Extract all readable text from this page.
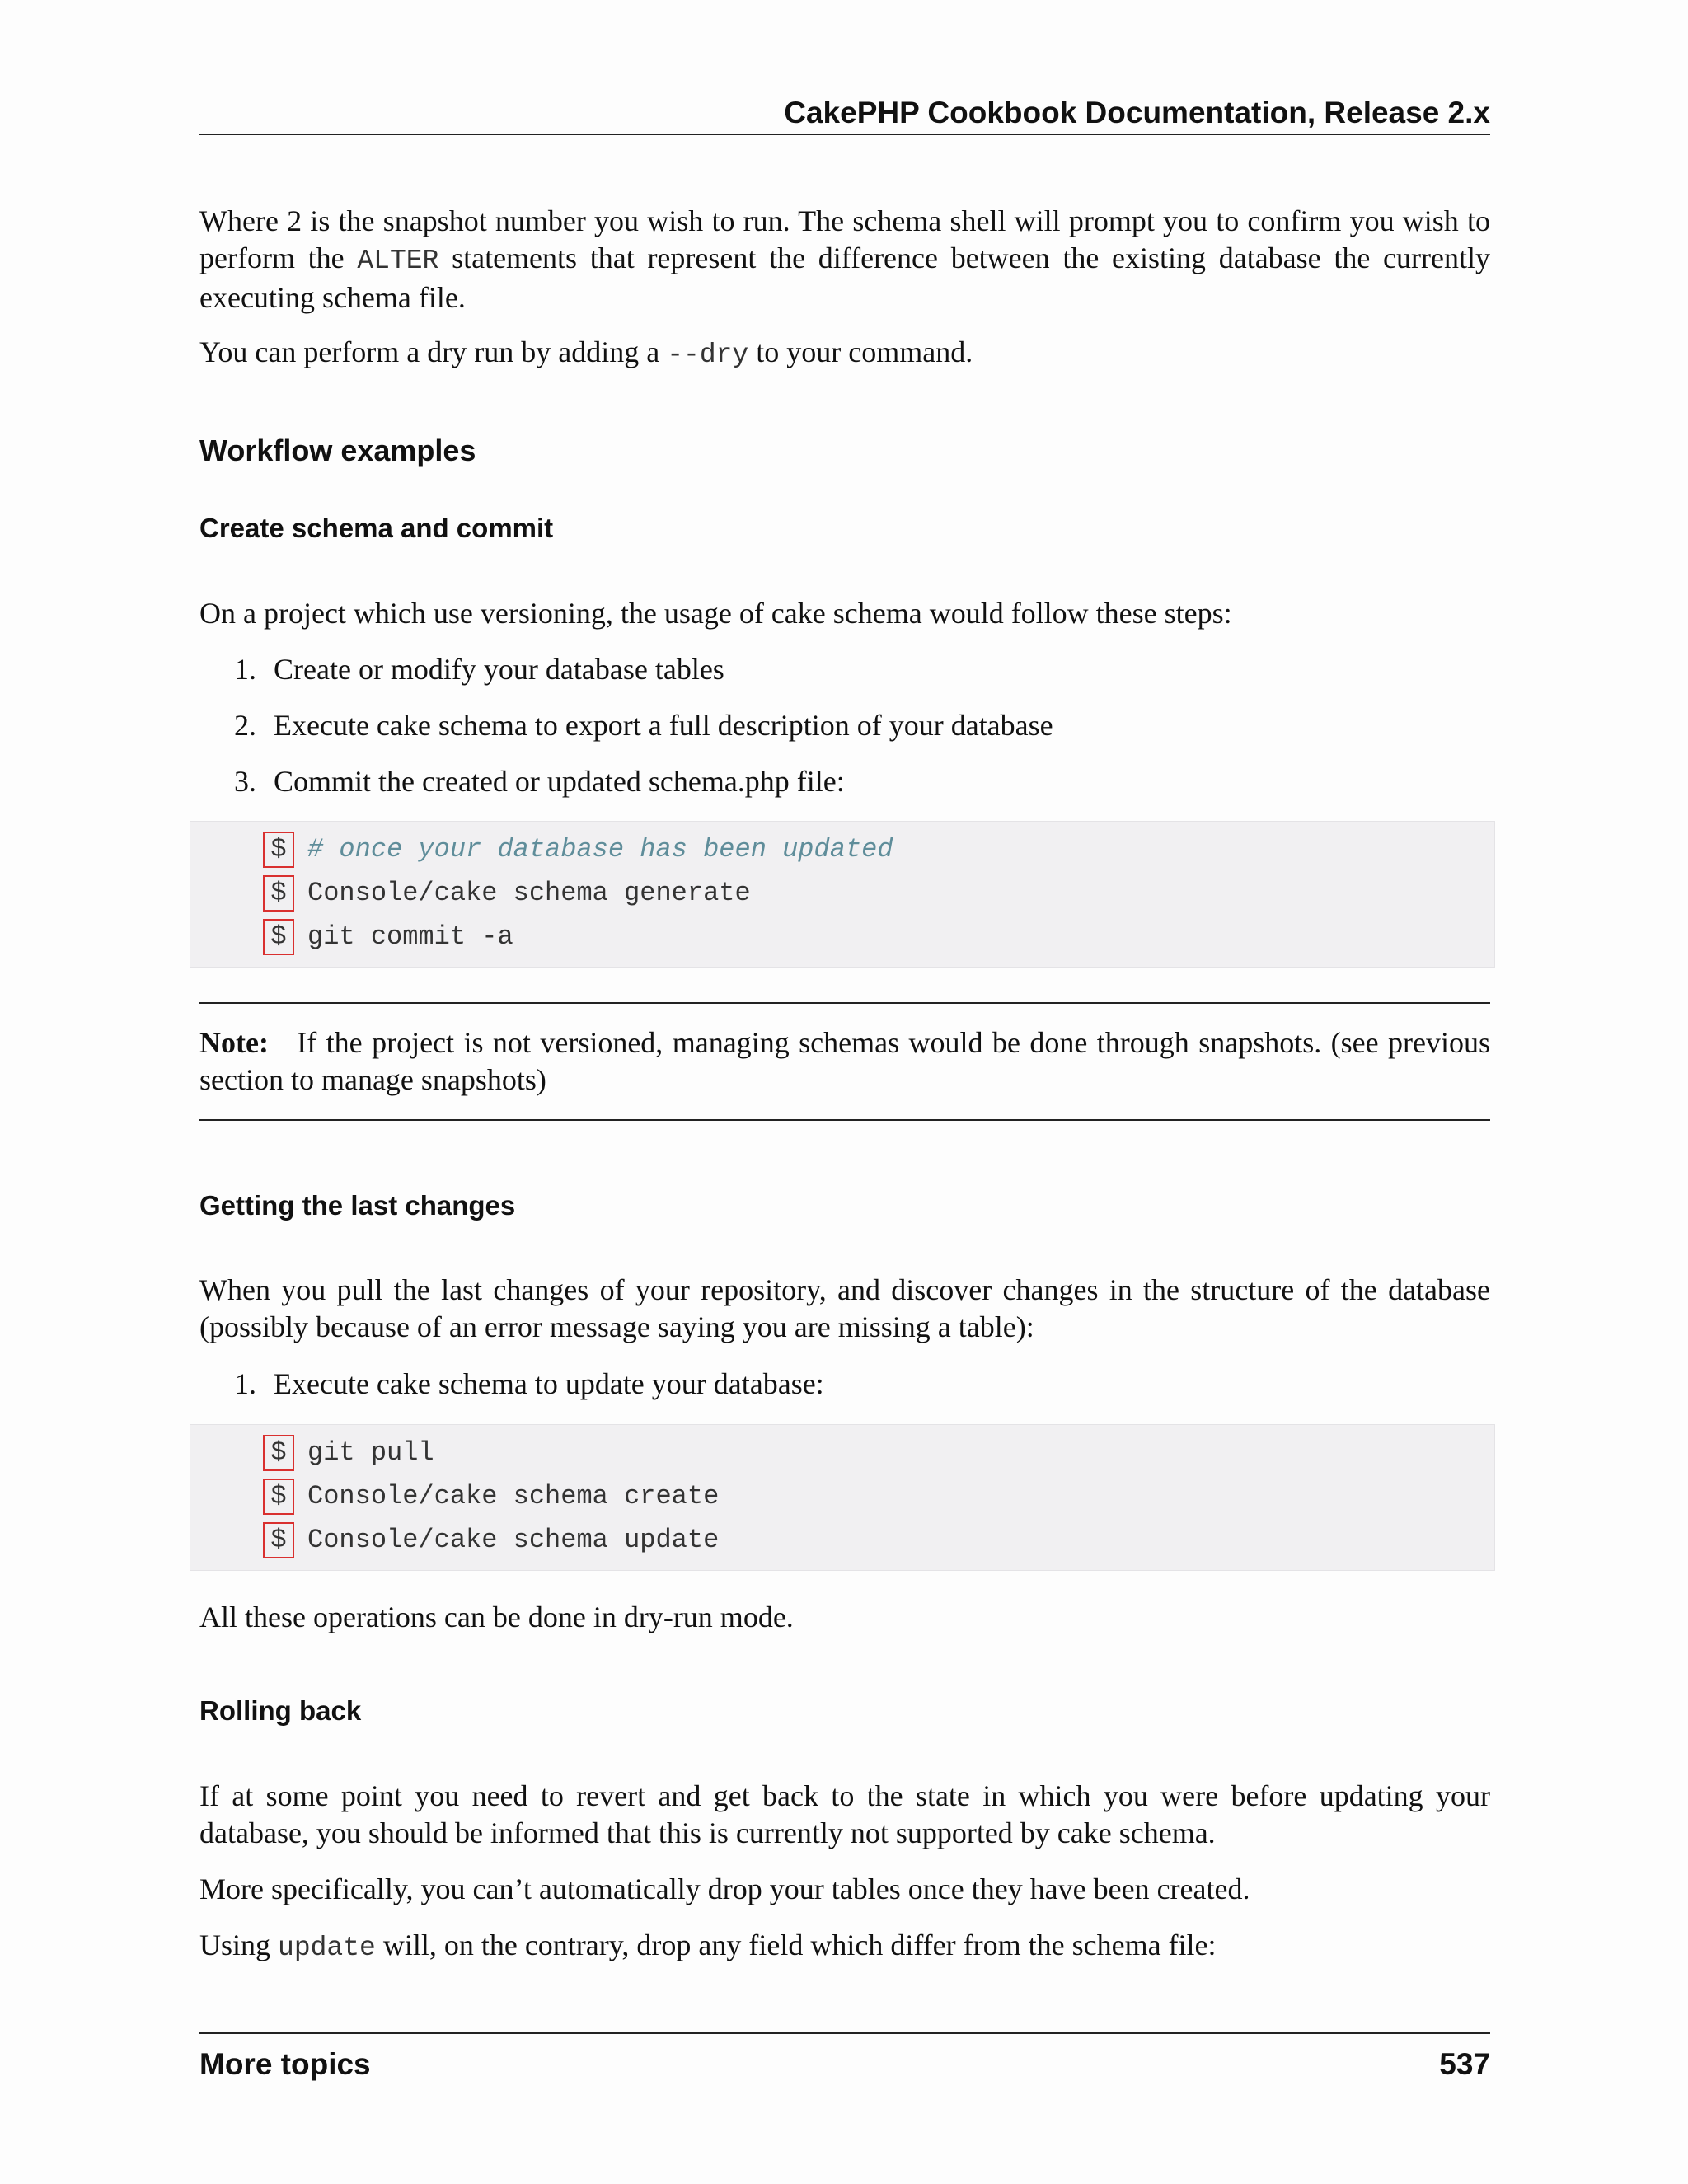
CakePHP Cookbook Documentation, Release 2.x
Where 2 is the snapshot number you wish to run. The schema shell will prompt you to confirm you wish to perform the ALTER statements that represent the difference between the existing database the currently executing schema file.
You can perform a dry run by adding a --dry to your command.
Workflow examples
Create schema and commit
On a project which use versioning, the usage of cake schema would follow these steps:
1. Create or modify your database tables
2. Execute cake schema to export a full description of your database
3. Commit the created or updated schema.php file:
$ # once your database has been updated
$ Console/cake schema generate
$ git commit -a
Note: If the project is not versioned, managing schemas would be done through snapshots. (see previous section to manage snapshots)
Getting the last changes
When you pull the last changes of your repository, and discover changes in the structure of the database (possibly because of an error message saying you are missing a table):
1. Execute cake schema to update your database:
$ git pull
$ Console/cake schema create
$ Console/cake schema update
All these operations can be done in dry-run mode.
Rolling back
If at some point you need to revert and get back to the state in which you were before updating your database, you should be informed that this is currently not supported by cake schema.
More specifically, you can’t automatically drop your tables once they have been created.
Using update will, on the contrary, drop any field which differ from the schema file:
More topics	537
